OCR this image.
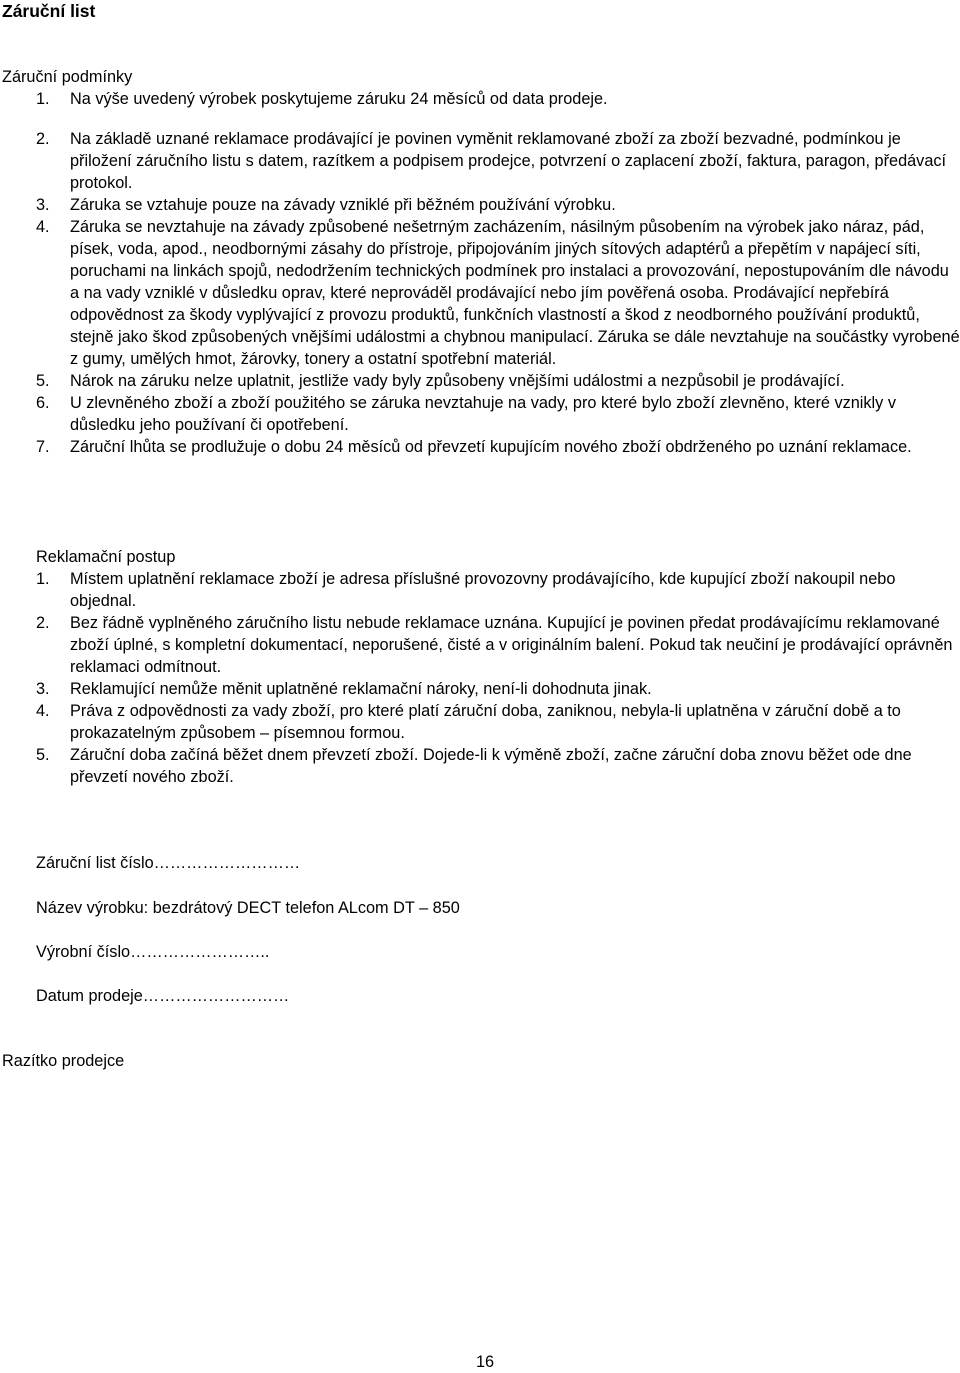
Záruční list
Záruční podmínky
1. Na výše uvedený výrobek poskytujeme záruku 24 měsíců od data prodeje.
2. Na základě uznané reklamace prodávající je povinen vyměnit reklamované zboží za zboží bezvadné, podmínkou je přiložení záručního listu s datem, razítkem a podpisem prodejce, potvrzení o zaplacení zboží, faktura, paragon, předávací protokol.
3. Záruka se vztahuje pouze na závady vzniklé při běžném používání výrobku.
4. Záruka se nevztahuje na závady způsobené nešetrným zacházením, násilným působením na výrobek jako náraz, pád, písek, voda, apod., neodbornými zásahy do přístroje, připojováním jiných sítových adaptérů a přepětím v napájecí síti, poruchami na linkách spojů, nedodržením technických podmínek pro instalaci a provozování, nepostupováním dle návodu a na vady vzniklé v důsledku oprav, které neprováděl prodávající nebo jím pověřená osoba. Prodávající nepřebírá odpovědnost za škody vyplývající z provozu produktů, funkčních vlastností a škod z neodborného používání produktů, stejně jako škod způsobených vnějšími událostmi a chybnou manipulací. Záruka se dále nevztahuje na součástky vyrobené z gumy, umělých hmot, žárovky, tonery a ostatní spotřební materiál.
5. Nárok na záruku nelze uplatnit, jestliže vady byly způsobeny vnějšími událostmi a nezpůsobil je prodávající.
6. U zlevněného zboží a zboží použitého se záruka nevztahuje na vady, pro které bylo zboží zlevněno, které vznikly v důsledku jeho používaní či opotřebení.
7. Záruční lhůta se prodlužuje o dobu 24 měsíců od převzetí kupujícím nového zboží obdrženého po uznání reklamace.
Reklamační postup
1. Místem uplatnění reklamace zboží je adresa příslušné provozovny prodávajícího, kde kupující zboží nakoupil nebo objednal.
2. Bez řádně vyplněného záručního listu nebude reklamace uznána. Kupující je povinen předat prodávajícímu reklamované zboží úplné, s kompletní dokumentací, neporušené, čisté a v originálním balení. Pokud tak neučiní je prodávající oprávněn reklamaci odmítnout.
3. Reklamující nemůže měnit uplatněné reklamační nároky, není-li dohodnuta jinak.
4. Práva z odpovědnosti za vady zboží, pro které platí záruční doba, zaniknou, nebyla-li uplatněna v záruční době a to prokazatelným způsobem – písemnou formou.
5. Záruční doba začíná běžet dnem převzetí zboží. Dojede-li k výměně zboží, začne záruční doba znovu běžet ode dne převzetí nového zboží.
Záruční list číslo………………………
Název výrobku: bezdrátový DECT telefon ALcom DT – 850
Výrobní číslo……………………..
Datum prodeje………………………
Razítko prodejce
16
